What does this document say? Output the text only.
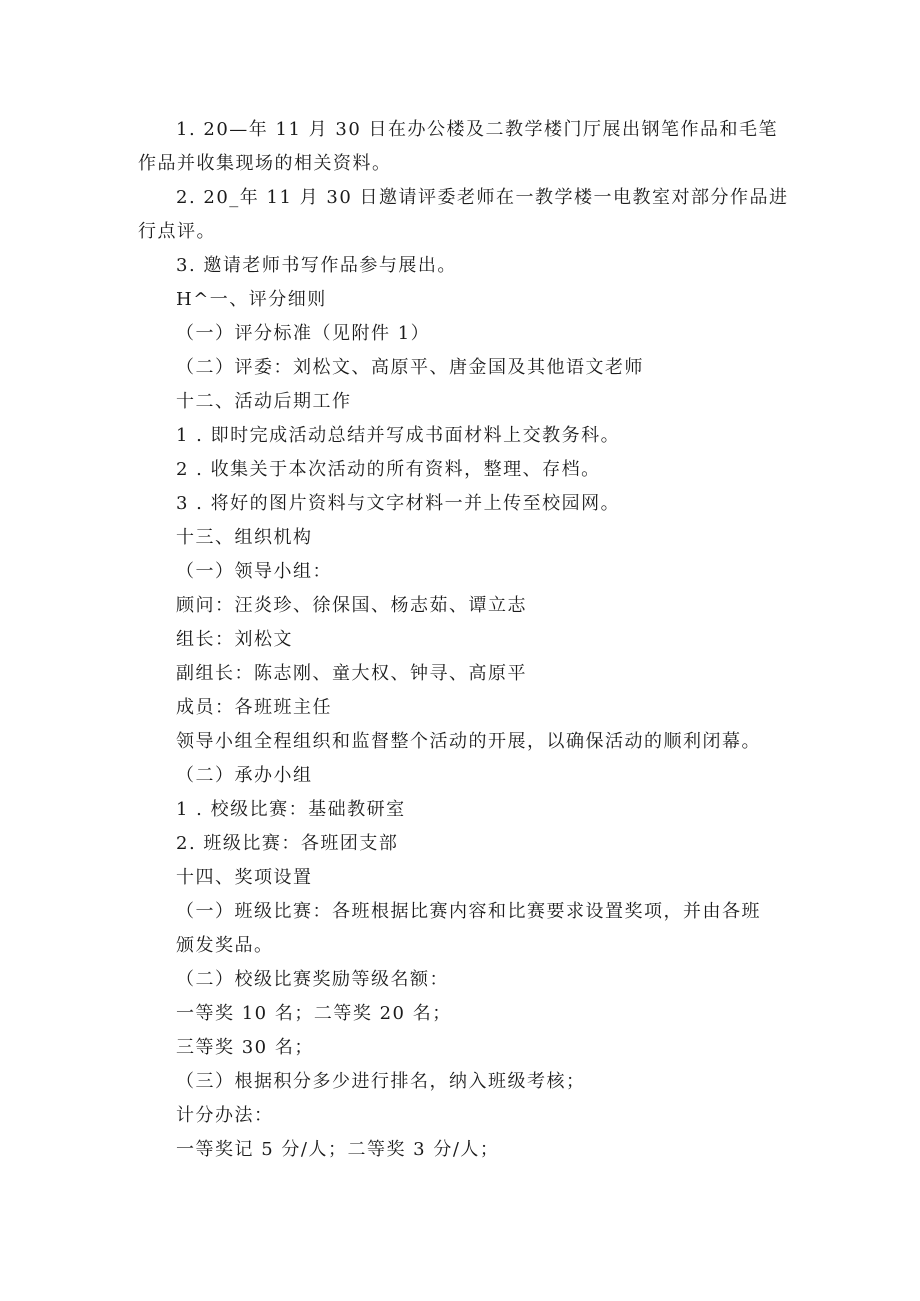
1. 20—年 11 月 30 日在办公楼及二教学楼门厅展出钢笔作品和毛笔
作品并收集现场的相关资料。
2. 20_年 11 月 30 日邀请评委老师在一教学楼一电教室对部分作品进
行点评。
3. 邀请老师书写作品参与展出。
H^一、评分细则
（一）评分标准（见附件 1）
（二）评委：刘松文、高原平、唐金国及其他语文老师
十二、活动后期工作
1 . 即时完成活动总结并写成书面材料上交教务科。
2 . 收集关于本次活动的所有资料，整理、存档。
3 . 将好的图片资料与文字材料一并上传至校园网。
十三、组织机构
（一）领导小组：
顾问：汪炎珍、徐保国、杨志茹、谭立志
组长：刘松文
副组长：陈志刚、童大权、钟寻、高原平
成员：各班班主任
领导小组全程组织和监督整个活动的开展，以确保活动的顺利闭幕。
（二）承办小组
1 . 校级比赛：基础教研室
2. 班级比赛：各班团支部
十四、奖项设置
（一）班级比赛：各班根据比赛内容和比赛要求设置奖项，并由各班
颁发奖品。
（二）校级比赛奖励等级名额：
一等奖 10 名；二等奖 20 名；
三等奖 30 名；
（三）根据积分多少进行排名，纳入班级考核；
计分办法：
一等奖记 5 分/人；二等奖 3 分/人；
